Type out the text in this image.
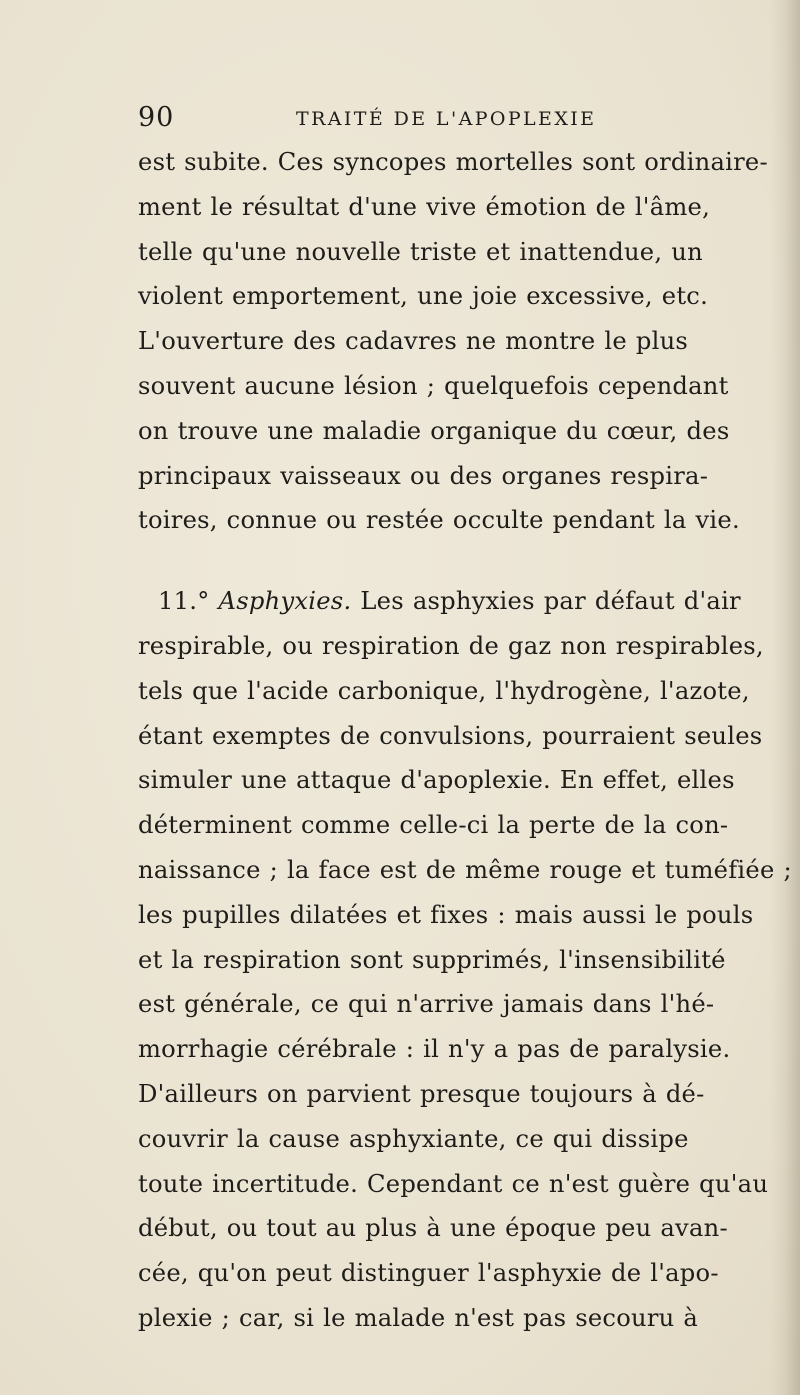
90	TRAITÉ DE L'APOPLEXIE
est subite. Ces syncopes mortelles sont ordinaire-
ment le résultat d'une vive émotion de l'âme,
telle qu'une nouvelle triste et inattendue, un
violent emportement, une joie excessive, etc.
L'ouverture des cadavres ne montre le plus
souvent aucune lésion ; quelquefois cependant
on trouve une maladie organique du cœur, des
principaux vaisseaux ou des organes respira-
toires, connue ou restée occulte pendant la vie.
11.° Asphyxies. Les asphyxies par défaut d'air
respirable, ou respiration de gaz non respirables,
tels que l'acide carbonique, l'hydrogène, l'azote,
étant exemptes de convulsions, pourraient seules
simuler une attaque d'apoplexie. En effet, elles
déterminent comme celle-ci la perte de la con-
naissance ; la face est de même rouge et tuméfiée ;
les pupilles dilatées et fixes : mais aussi le pouls
et la respiration sont supprimés, l'insensibilité
est générale, ce qui n'arrive jamais dans l'hé-
morrhagie cérébrale : il n'y a pas de paralysie.
D'ailleurs on parvient presque toujours à dé-
couvrir la cause asphyxiante, ce qui dissipe
toute incertitude. Cependant ce n'est guère qu'au
début, ou tout au plus à une époque peu avan-
cée, qu'on peut distinguer l'asphyxie de l'apo-
plexie ; car, si le malade n'est pas secouru à
